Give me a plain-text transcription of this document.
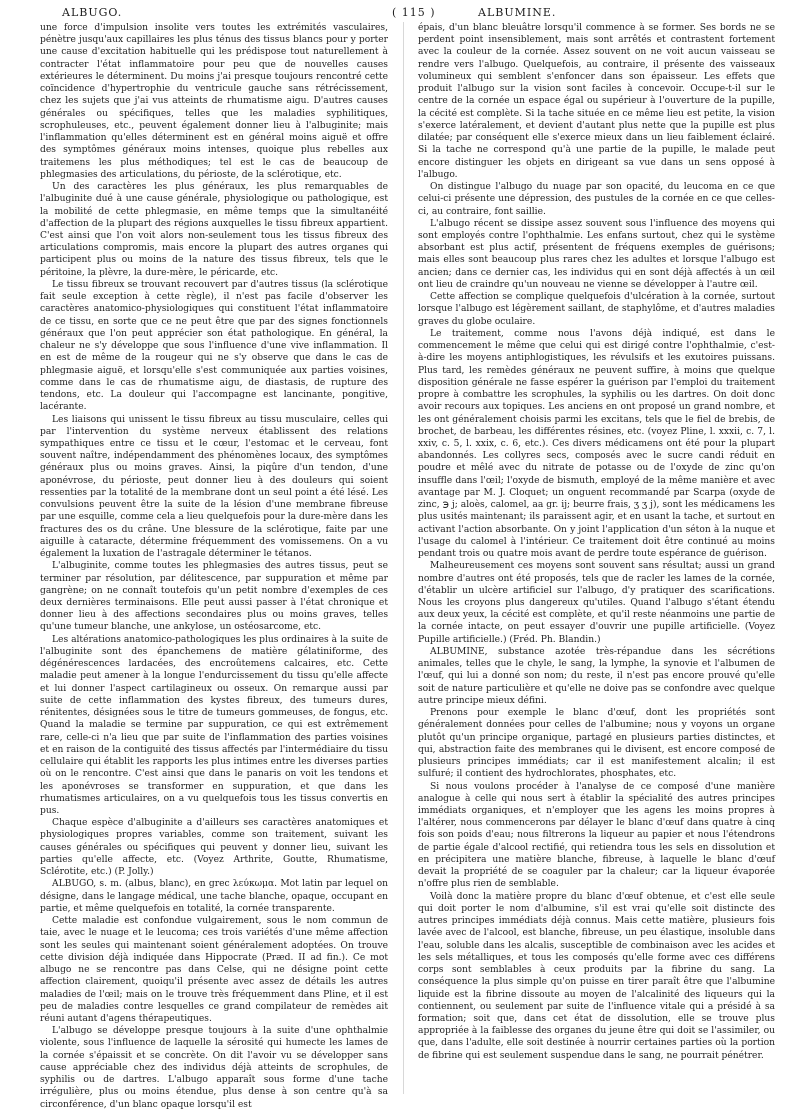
ALBUGO.	( 115 )	ALBUMINE.

une force d'impulsion insolite vers toutes les extrémités vasculaires, pénètre jusqu'aux capillaires les plus ténus des tissus blancs pour y porter une cause d'excitation habituelle qui les prédispose tout naturellement à contracter l'état inflammatoire pour peu que de nouvelles causes extérieures le déterminent. Du moins j'ai presque toujours rencontré cette coïncidence d'hypertrophie du ventricule gauche sans rétrécissement, chez les sujets que j'ai vus atteints de rhumatisme aigu. D'autres causes générales ou spécifiques, telles que les maladies syphilitiques, scrophuleuses, etc., peuvent également donner lieu à l'albuginite; mais l'inflammation qu'elles déterminent est en général moins aiguë et offre des symptômes généraux moins intenses, quoique plus rebelles aux traitemens les plus méthodiques; tel est le cas de beaucoup de phlegmasies des articulations, du périoste, de la sclérotique, etc.

Un des caractères les plus généraux, les plus remarquables de l'albuginite dué à une cause générale, physiologique ou pathologique, est la mobilité de cette phlegmasie, en même temps que la simultanéité d'affection de la plupart des régions auxquelles le tissu fibreux appartient. C'est ainsi que l'on voit alors non-seulement tous les tissus fibreux des articulations compromis, mais encore la plupart des autres organes qui participent plus ou moins de la nature des tissus fibreux, tels que le péritoine, la plèvre, la dure-mère, le péricarde, etc.

Le tissu fibreux se trouvant recouvert par d'autres tissus (la sclérotique fait seule exception à cette règle), il n'est pas facile d'observer les caractères anatomico-physiologiques qui constituent l'état inflammatoire de ce tissu, en sorte que ce ne peut être que par des signes fonctionnels généraux que l'on peut apprécier son état pathologique. En général, la chaleur ne s'y développe que sous l'influence d'une vive inflammation. Il en est de même de la rougeur qui ne s'y observe que dans le cas de phlegmasie aiguë, et lorsqu'elle s'est communiquée aux parties voisines, comme dans le cas de rhumatisme aigu, de diastasis, de rupture des tendons, etc. La douleur qui l'accompagne est lancinante, pongitive, lacérante.

Les liaisons qui unissent le tissu fibreux au tissu musculaire, celles qui par l'intervention du système nerveux établissent des relations sympathiques entre ce tissu et le cœur, l'estomac et le cerveau, font souvent naître, indépendamment des phénomènes locaux, des symptômes généraux plus ou moins graves. Ainsi, la piqûre d'un tendon, d'une aponévrose, du périoste, peut donner lieu à des douleurs qui soient ressenties par la totalité de la membrane dont un seul point a été lésé. Les convulsions peuvent être la suite de la lésion d'une membrane fibreuse par une esquille, comme cela a lieu quelquefois pour la dure-mère dans les fractures des os du crâne. Une blessure de la sclérotique, faite par une aiguille à cataracte, détermine fréquemment des vomissemens. On a vu également la luxation de l'astragale déterminer le tétanos.

L'albuginite, comme toutes les phlegmasies des autres tissus, peut se terminer par résolution, par délitescence, par suppuration et même par gangrène; on ne connaît toutefois qu'un petit nombre d'exemples de ces deux dernières terminaisons. Elle peut aussi passer à l'état chronique et donner lieu à des affections secondaires plus ou moins graves, telles qu'une tumeur blanche, une ankylose, un ostéosarcome, etc.

Les altérations anatomico-pathologiques les plus ordinaires à la suite de l'albuginite sont des épanchemens de matière gélatiniforme, des dégénérescences lardacées, des encroûtemens calcaires, etc. Cette maladie peut amener à la longue l'endurcissement du tissu qu'elle affecte et lui donner l'aspect cartilagineux ou osseux. On remarque aussi par suite de cette inflammation des kystes fibreux, des tumeurs dures, rénitentes, désignées sous le titre de tumeurs gommeuses, de fongus, etc. Quand la maladie se termine par suppuration, ce qui est extrêmement rare, celle-ci n'a lieu que par suite de l'inflammation des parties voisines et en raison de la contiguité des tissus affectés par l'intermédiaire du tissu cellulaire qui établit les rapports les plus intimes entre les diverses parties où on le rencontre. C'est ainsi que dans le panaris on voit les tendons et les aponévroses se transformer en suppuration, et que dans les rhumatismes articulaires, on a vu quelquefois tous les tissus convertis en pus.

Chaque espèce d'albuginite a d'ailleurs ses caractères anatomiques et physiologiques propres variables, comme son traitement, suivant les causes générales ou spécifiques qui peuvent y donner lieu, suivant les parties qu'elle affecte, etc. (Voyez Arthrite, Goutte, Rhumatisme, Sclérotite, etc.) (P. Jolly.)

ALBUGO, s. m. (albus, blanc), en grec λεύκωμα. Mot latin par lequel on désigne, dans le langage médical, une tache blanche, opaque, occupant en partie, et même quelquefois en totalité, la cornée transparente.

Cette maladie est confondue vulgairement, sous le nom commun de taie, avec le nuage et le leucoma; ces trois variétés d'une même affection sont les seules qui maintenant soient généralement adoptées. On trouve cette division déjà indiquée dans Hippocrate (Præd. II ad fin.). Ce mot albugo ne se rencontre pas dans Celse, qui ne désigne point cette affection clairement, quoiqu'il présente avec assez de détails les autres maladies de l'œil; mais on le trouve très fréquemment dans Pline, et il est peu de maladies contre lesquelles ce grand compilateur de remèdes ait réuni autant d'agens thérapeutiques.

L'albugo se développe presque toujours à la suite d'une ophthalmie violente, sous l'influence de laquelle la sérosité qui humecte les lames de la cornée s'épaissit et se concrète. On dit l'avoir vu se développer sans cause appréciable chez des individus déjà atteints de scrophules, de syphilis ou de dartres. L'albugo apparaît sous forme d'une tache irrégulière, plus ou moins étendue, plus dense à son centre qu'à sa circonférence, d'un blanc opaque lorsqu'il est

épais, d'un blanc bleuâtre lorsqu'il commence à se former. Ses bords ne se perdent point insensiblement, mais sont arrêtés et contrastent fortement avec la couleur de la cornée. Assez souvent on ne voit aucun vaisseau se rendre vers l'albugo. Quelquefois, au contraire, il présente des vaisseaux volumineux qui semblent s'enfoncer dans son épaisseur. Les effets que produit l'albugo sur la vision sont faciles à concevoir. Occupe-t-il sur le centre de la cornée un espace égal ou supérieur à l'ouverture de la pupille, la cécité est complète. Si la tache située en ce même lieu est petite, la vision s'exerce latéralement, et devient d'autant plus nette que la pupille est plus dilatée; par conséquent elle s'exerce mieux dans un lieu faiblement éclairé. Si la tache ne correspond qu'à une partie de la pupille, le malade peut encore distinguer les objets en dirigeant sa vue dans un sens opposé à l'albugo.

On distingue l'albugo du nuage par son opacité, du leucoma en ce que celui-ci présente une dépression, des pustules de la cornée en ce que celles-ci, au contraire, font saillie.

L'albugo récent se dissipe assez souvent sous l'influence des moyens qui sont employés contre l'ophthalmie. Les enfans surtout, chez qui le système absorbant est plus actif, présentent de fréquens exemples de guérisons; mais elles sont beaucoup plus rares chez les adultes et lorsque l'albugo est ancien; dans ce dernier cas, les individus qui en sont déjà affectés à un œil ont lieu de craindre qu'un nouveau ne vienne se développer à l'autre œil.

Cette affection se complique quelquefois d'ulcération à la cornée, surtout lorsque l'albugo est légèrement saillant, de staphylôme, et d'autres maladies graves du globe oculaire.

Le traitement, comme nous l'avons déjà indiqué, est dans le commencement le même que celui qui est dirigé contre l'ophthalmie, c'est-à-dire les moyens antiphlogistiques, les révulsifs et les exutoires puissans. Plus tard, les remèdes généraux ne peuvent suffire, à moins que quelque disposition générale ne fasse espérer la guérison par l'emploi du traitement propre à combattre les scrophules, la syphilis ou les dartres. On doit donc avoir recours aux topiques. Les anciens en ont proposé un grand nombre, et les ont généralement choisis parmi les excitans, tels que le fiel de brebis, de brochet, de barbeau, les différentes résines, etc. (voyez Pline, l. xxxii, c. 7, l. xxiv, c. 5, l. xxix, c. 6, etc.). Ces divers médicamens ont été pour la plupart abandonnés. Les collyres secs, composés avec le sucre candi réduit en poudre et mêlé avec du nitrate de potasse ou de l'oxyde de zinc qu'on insuffle dans l'œil; l'oxyde de bismuth, employé de la même manière et avec avantage par M. J. Cloquet; un onguent recommandé par Scarpa (oxyde de zinc, ℈ j; aloès, calomel, aa gr. ij; beurre frais, ʒ ʒ j), sont les médicamens les plus usités maintenant; ils paraissent agir, et en usant la tache, et surtout en activant l'action absorbante. On y joint l'application d'un séton à la nuque et l'usage du calomel à l'intérieur. Ce traitement doit être continué au moins pendant trois ou quatre mois avant de perdre toute espérance de guérison.

Malheureusement ces moyens sont souvent sans résultat; aussi un grand nombre d'autres ont été proposés, tels que de racler les lames de la cornée, d'établir un ulcère artificiel sur l'albugo, d'y pratiquer des scarifications. Nous les croyons plus dangereux qu'utiles. Quand l'albugo s'étant étendu aux deux yeux, la cécité est complète, et qu'il reste néanmoins une partie de la cornée intacte, on peut essayer d'ouvrir une pupille artificielle. (Voyez Pupille artificielle.) (Fréd. Ph. Blandin.)

ALBUMINE, substance azotée très-répandue dans les sécrétions animales, telles que le chyle, le sang, la lymphe, la synovie et l'albumen de l'œuf, qui lui a donné son nom; du reste, il n'est pas encore prouvé qu'elle soit de nature particulière et qu'elle ne doive pas se confondre avec quelque autre principe mieux défini.

Prenons pour exemple le blanc d'œuf, dont les propriétés sont généralement données pour celles de l'albumine; nous y voyons un organe plutôt qu'un principe organique, partagé en plusieurs parties distinctes, et qui, abstraction faite des membranes qui le divisent, est encore composé de plusieurs principes immédiats; car il est manifestement alcalin; il est sulfuré; il contient des hydrochlorates, phosphates, etc.

Si nous voulons procéder à l'analyse de ce composé d'une manière analogue à celle qui nous sert à établir la spécialité des autres principes immédiats organiques, et n'employer que les agens les moins propres à l'altérer, nous commencerons par délayer le blanc d'œuf dans quatre à cinq fois son poids d'eau; nous filtrerons la liqueur au papier et nous l'étendrons de partie égale d'alcool rectifié, qui retiendra tous les sels en dissolution et en précipitera une matière blanche, fibreuse, à laquelle le blanc d'œuf devait la propriété de se coaguler par la chaleur; car la liqueur évaporée n'offre plus rien de semblable.

Voilà donc la matière propre du blanc d'œuf obtenue, et c'est elle seule qui doit porter le nom d'albumine, s'il est vrai qu'elle soit distincte des autres principes immédiats déjà connus. Mais cette matière, plusieurs fois lavée avec de l'alcool, est blanche, fibreuse, un peu élastique, insoluble dans l'eau, soluble dans les alcalis, susceptible de combinaison avec les acides et les sels métalliques, et tous les composés qu'elle forme avec ces différens corps sont semblables à ceux produits par la fibrine du sang. La conséquence la plus simple qu'on puisse en tirer paraît être que l'albumine liquide est la fibrine dissoute au moyen de l'alcalinité des liqueurs qui la contiennent, ou seulement par suite de l'influence vitale qui a présidé à sa formation; soit que, dans cet état de dissolution, elle se trouve plus appropriée à la faiblesse des organes du jeune être qui doit se l'assimiler, ou que, dans l'adulte, elle soit destinée à nourrir certaines parties où la portion de fibrine qui est seulement suspendue dans le sang, ne pourrait pénétrer.
